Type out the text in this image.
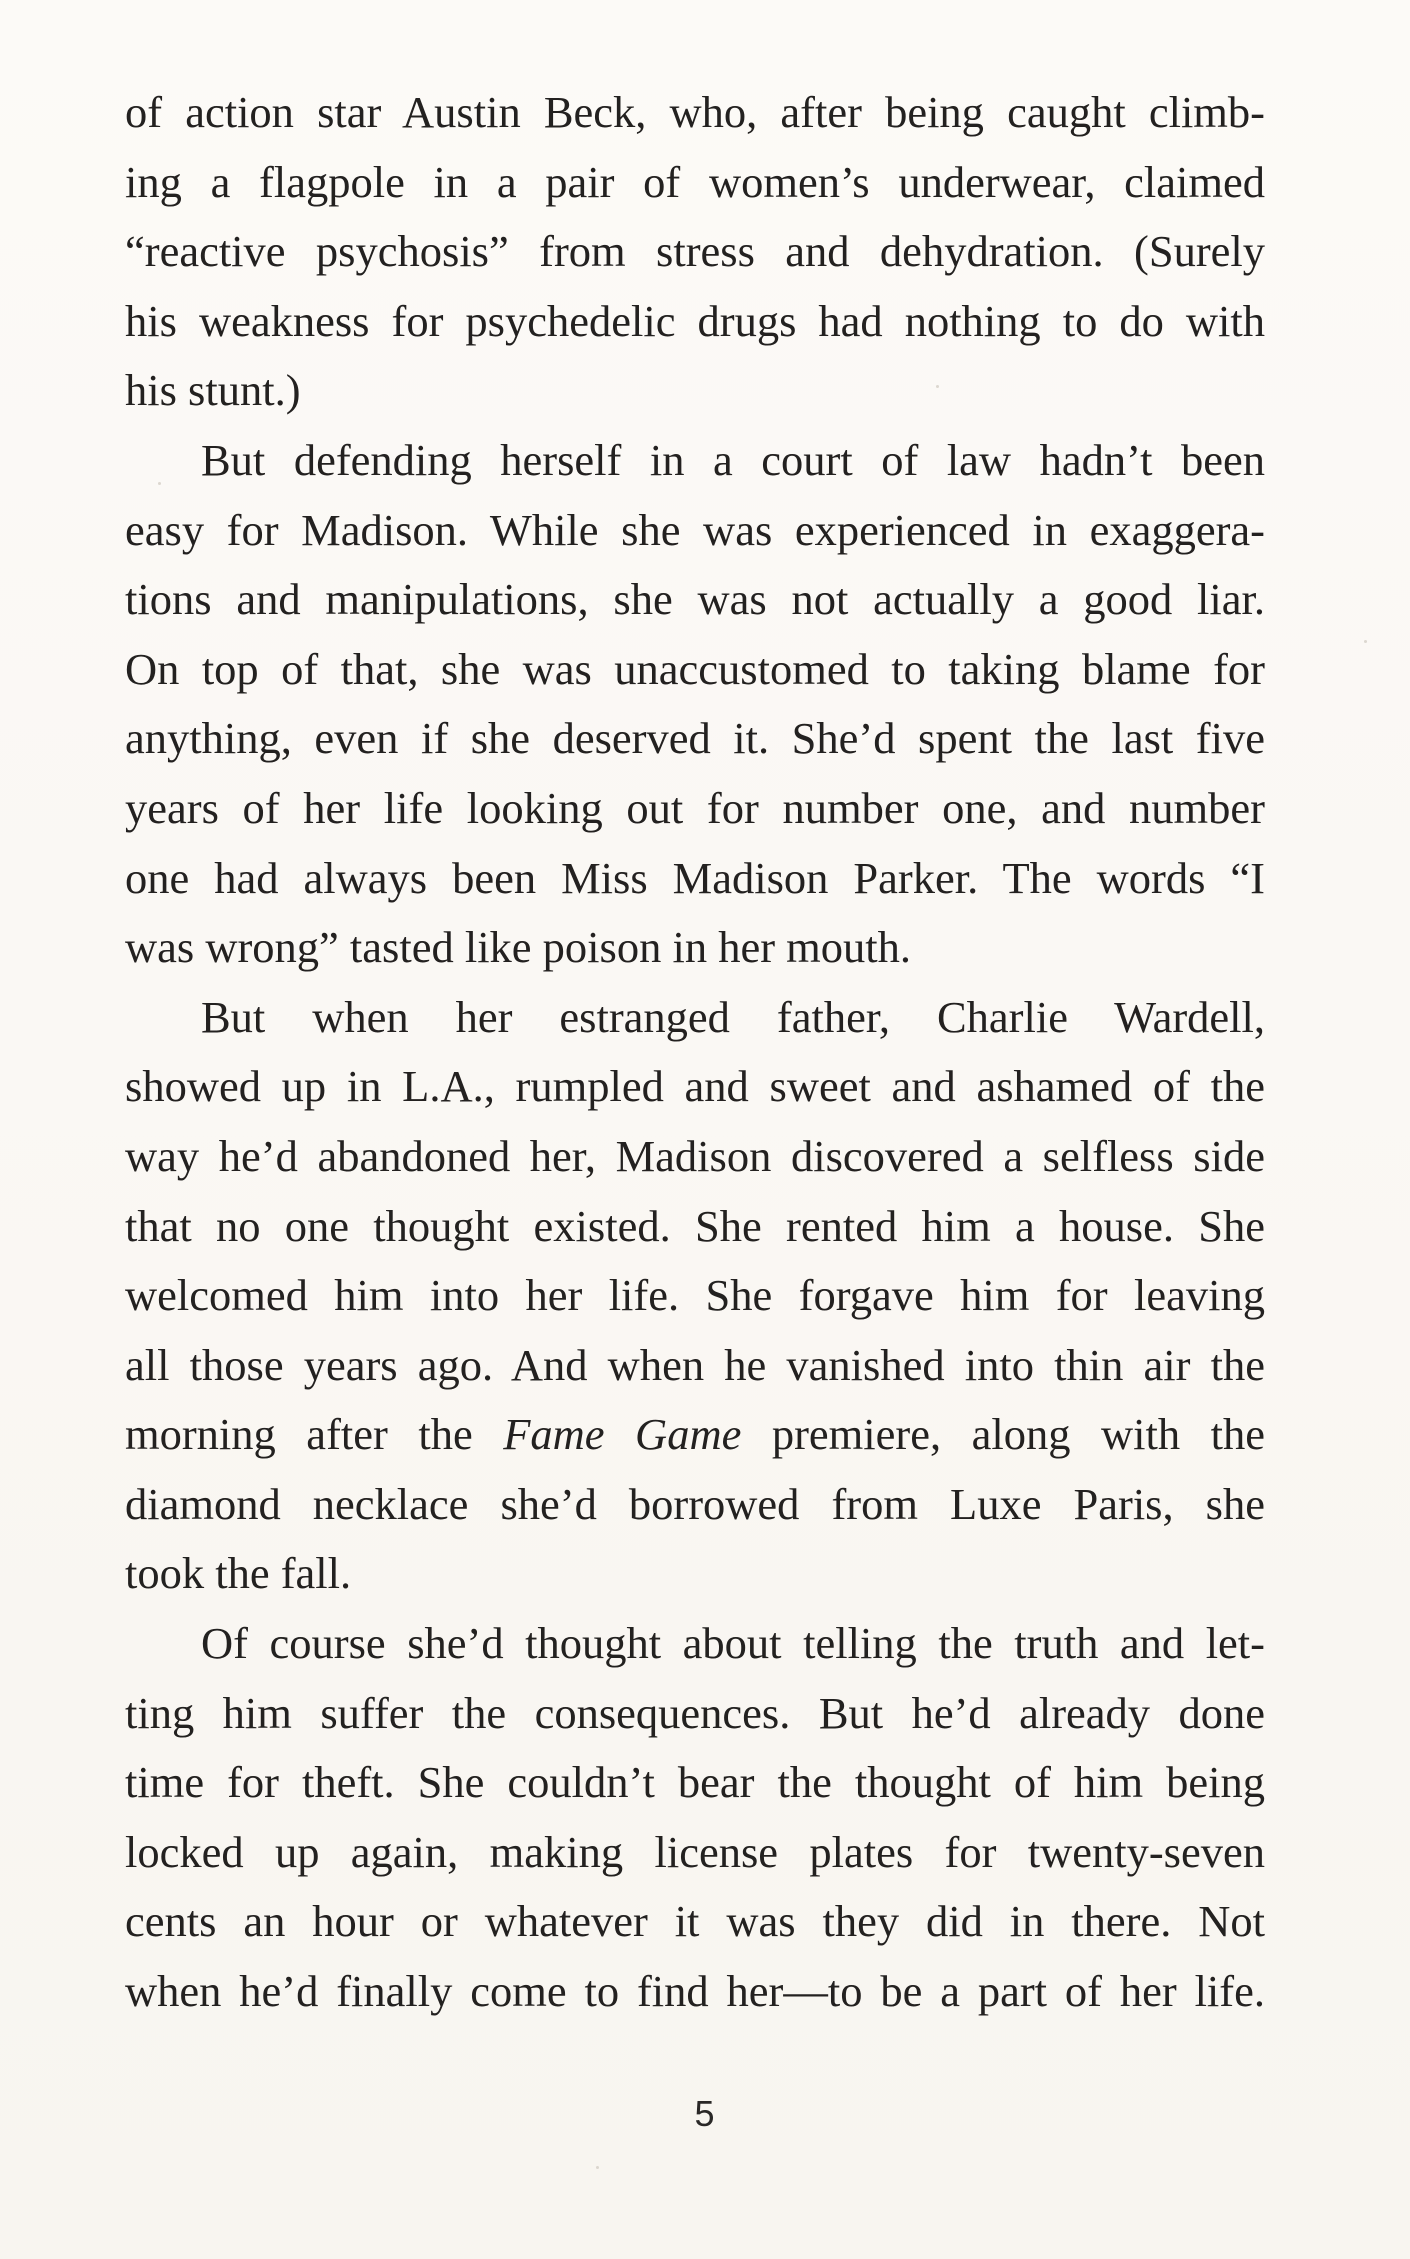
of action star Austin Beck, who, after being caught climb-
ing a flagpole in a pair of women’s underwear, claimed
“reactive psychosis” from stress and dehydration. (Surely
his weakness for psychedelic drugs had nothing to do with
his stunt.)
But defending herself in a court of law hadn’t been
easy for Madison. While she was experienced in exaggera-
tions and manipulations, she was not actually a good liar.
On top of that, she was unaccustomed to taking blame for
anything, even if she deserved it. She’d spent the last five
years of her life looking out for number one, and number
one had always been Miss Madison Parker. The words “I
was wrong” tasted like poison in her mouth.
But when her estranged father, Charlie Wardell,
showed up in L.A., rumpled and sweet and ashamed of the
way he’d abandoned her, Madison discovered a selfless side
that no one thought existed. She rented him a house. She
welcomed him into her life. She forgave him for leaving
all those years ago. And when he vanished into thin air the
morning after the Fame Game premiere, along with the
diamond necklace she’d borrowed from Luxe Paris, she
took the fall.
Of course she’d thought about telling the truth and let-
ting him suffer the consequences. But he’d already done
time for theft. She couldn’t bear the thought of him being
locked up again, making license plates for twenty-seven
cents an hour or whatever it was they did in there. Not
when he’d finally come to find her—to be a part of her life.
5
